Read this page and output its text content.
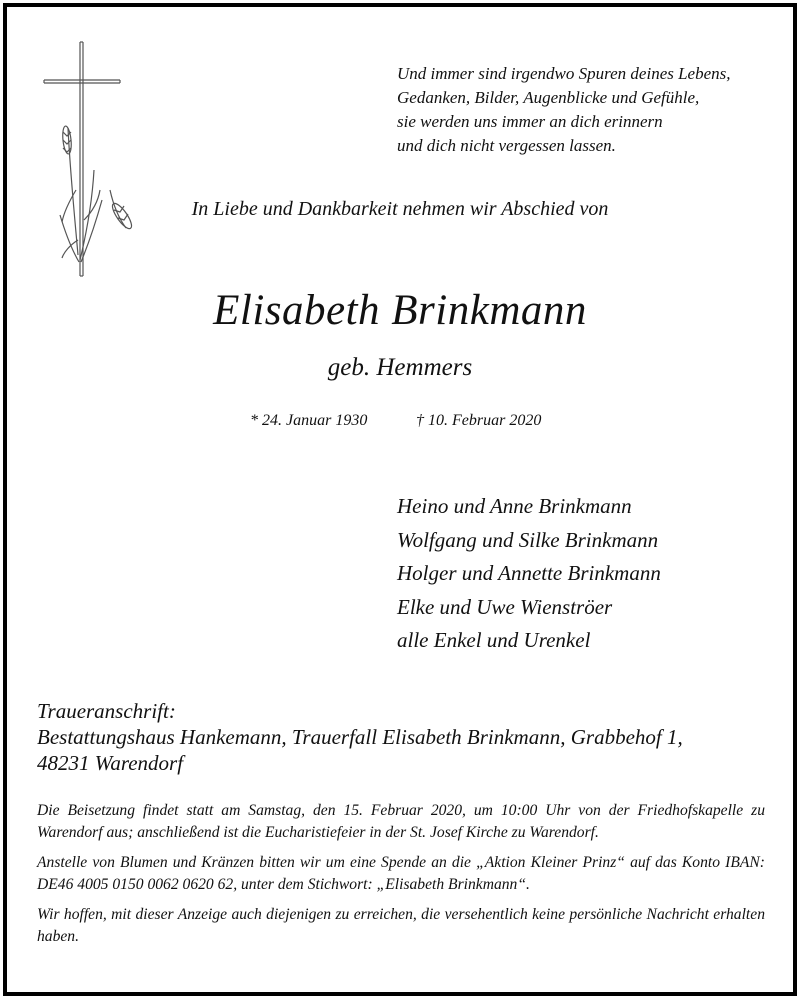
Und immer sind irgendwo Spuren deines Lebens,
Gedanken, Bilder, Augenblicke und Gefühle,
sie werden uns immer an dich erinnern
und dich nicht vergessen lassen.
In Liebe und Dankbarkeit nehmen wir Abschied von
Elisabeth Brinkmann
geb. Hemmers
* 24. Januar 1930	† 10. Februar 2020
Heino und Anne Brinkmann
Wolfgang und Silke Brinkmann
Holger und Annette Brinkmann
Elke und Uwe Wienströer
alle Enkel und Urenkel
Traueranschrift:
Bestattungshaus Hankemann, Trauerfall Elisabeth Brinkmann, Grabbehof 1,
48231 Warendorf

Die Beisetzung findet statt am Samstag, den 15. Februar 2020, um 10:00 Uhr von der Friedhofskapelle zu Warendorf aus; anschließend ist die Eucharistiefeier in der St. Josef Kirche zu Warendorf.

Anstelle von Blumen und Kränzen bitten wir um eine Spende an die „Aktion Kleiner Prinz“ auf das Konto IBAN: DE46 4005 0150 0062 0620 62, unter dem Stichwort: „Elisabeth Brinkmann“.

Wir hoffen, mit dieser Anzeige auch diejenigen zu erreichen, die versehentlich keine persönliche Nachricht erhalten haben.
